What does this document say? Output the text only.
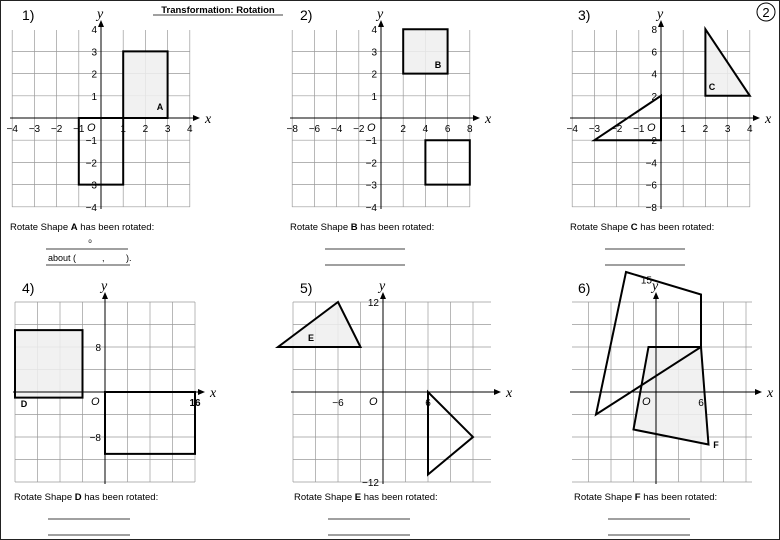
Transformation: Rotation	2
1)	2)	3)
4)	5)	6)
x
y
O
−4 −3 −2 −1	1 2 3 4
4
3
2
1
−1
−2
−3
−4
A
x
y
O
−8 −6 −4 −2	2 4 6 8
4
3
2
1
−1
−2
−3
−4
B
x
y
O
−4 −3 −2 −1	1 2 3 4
8
6
4
2
−2
−4
−6
−8
C
x
y
O	16
8
−8
D
x
y
O
−6	6
12
−12
E
x
y
O	6
15
F
Rotate Shape A has been rotated:	Rotate Shape B has been rotated:	Rotate Shape C has been rotated:
Rotate Shape D has been rotated:	Rotate Shape E has been rotated:	Rotate Shape F has been rotated:
o
about (	, ).
